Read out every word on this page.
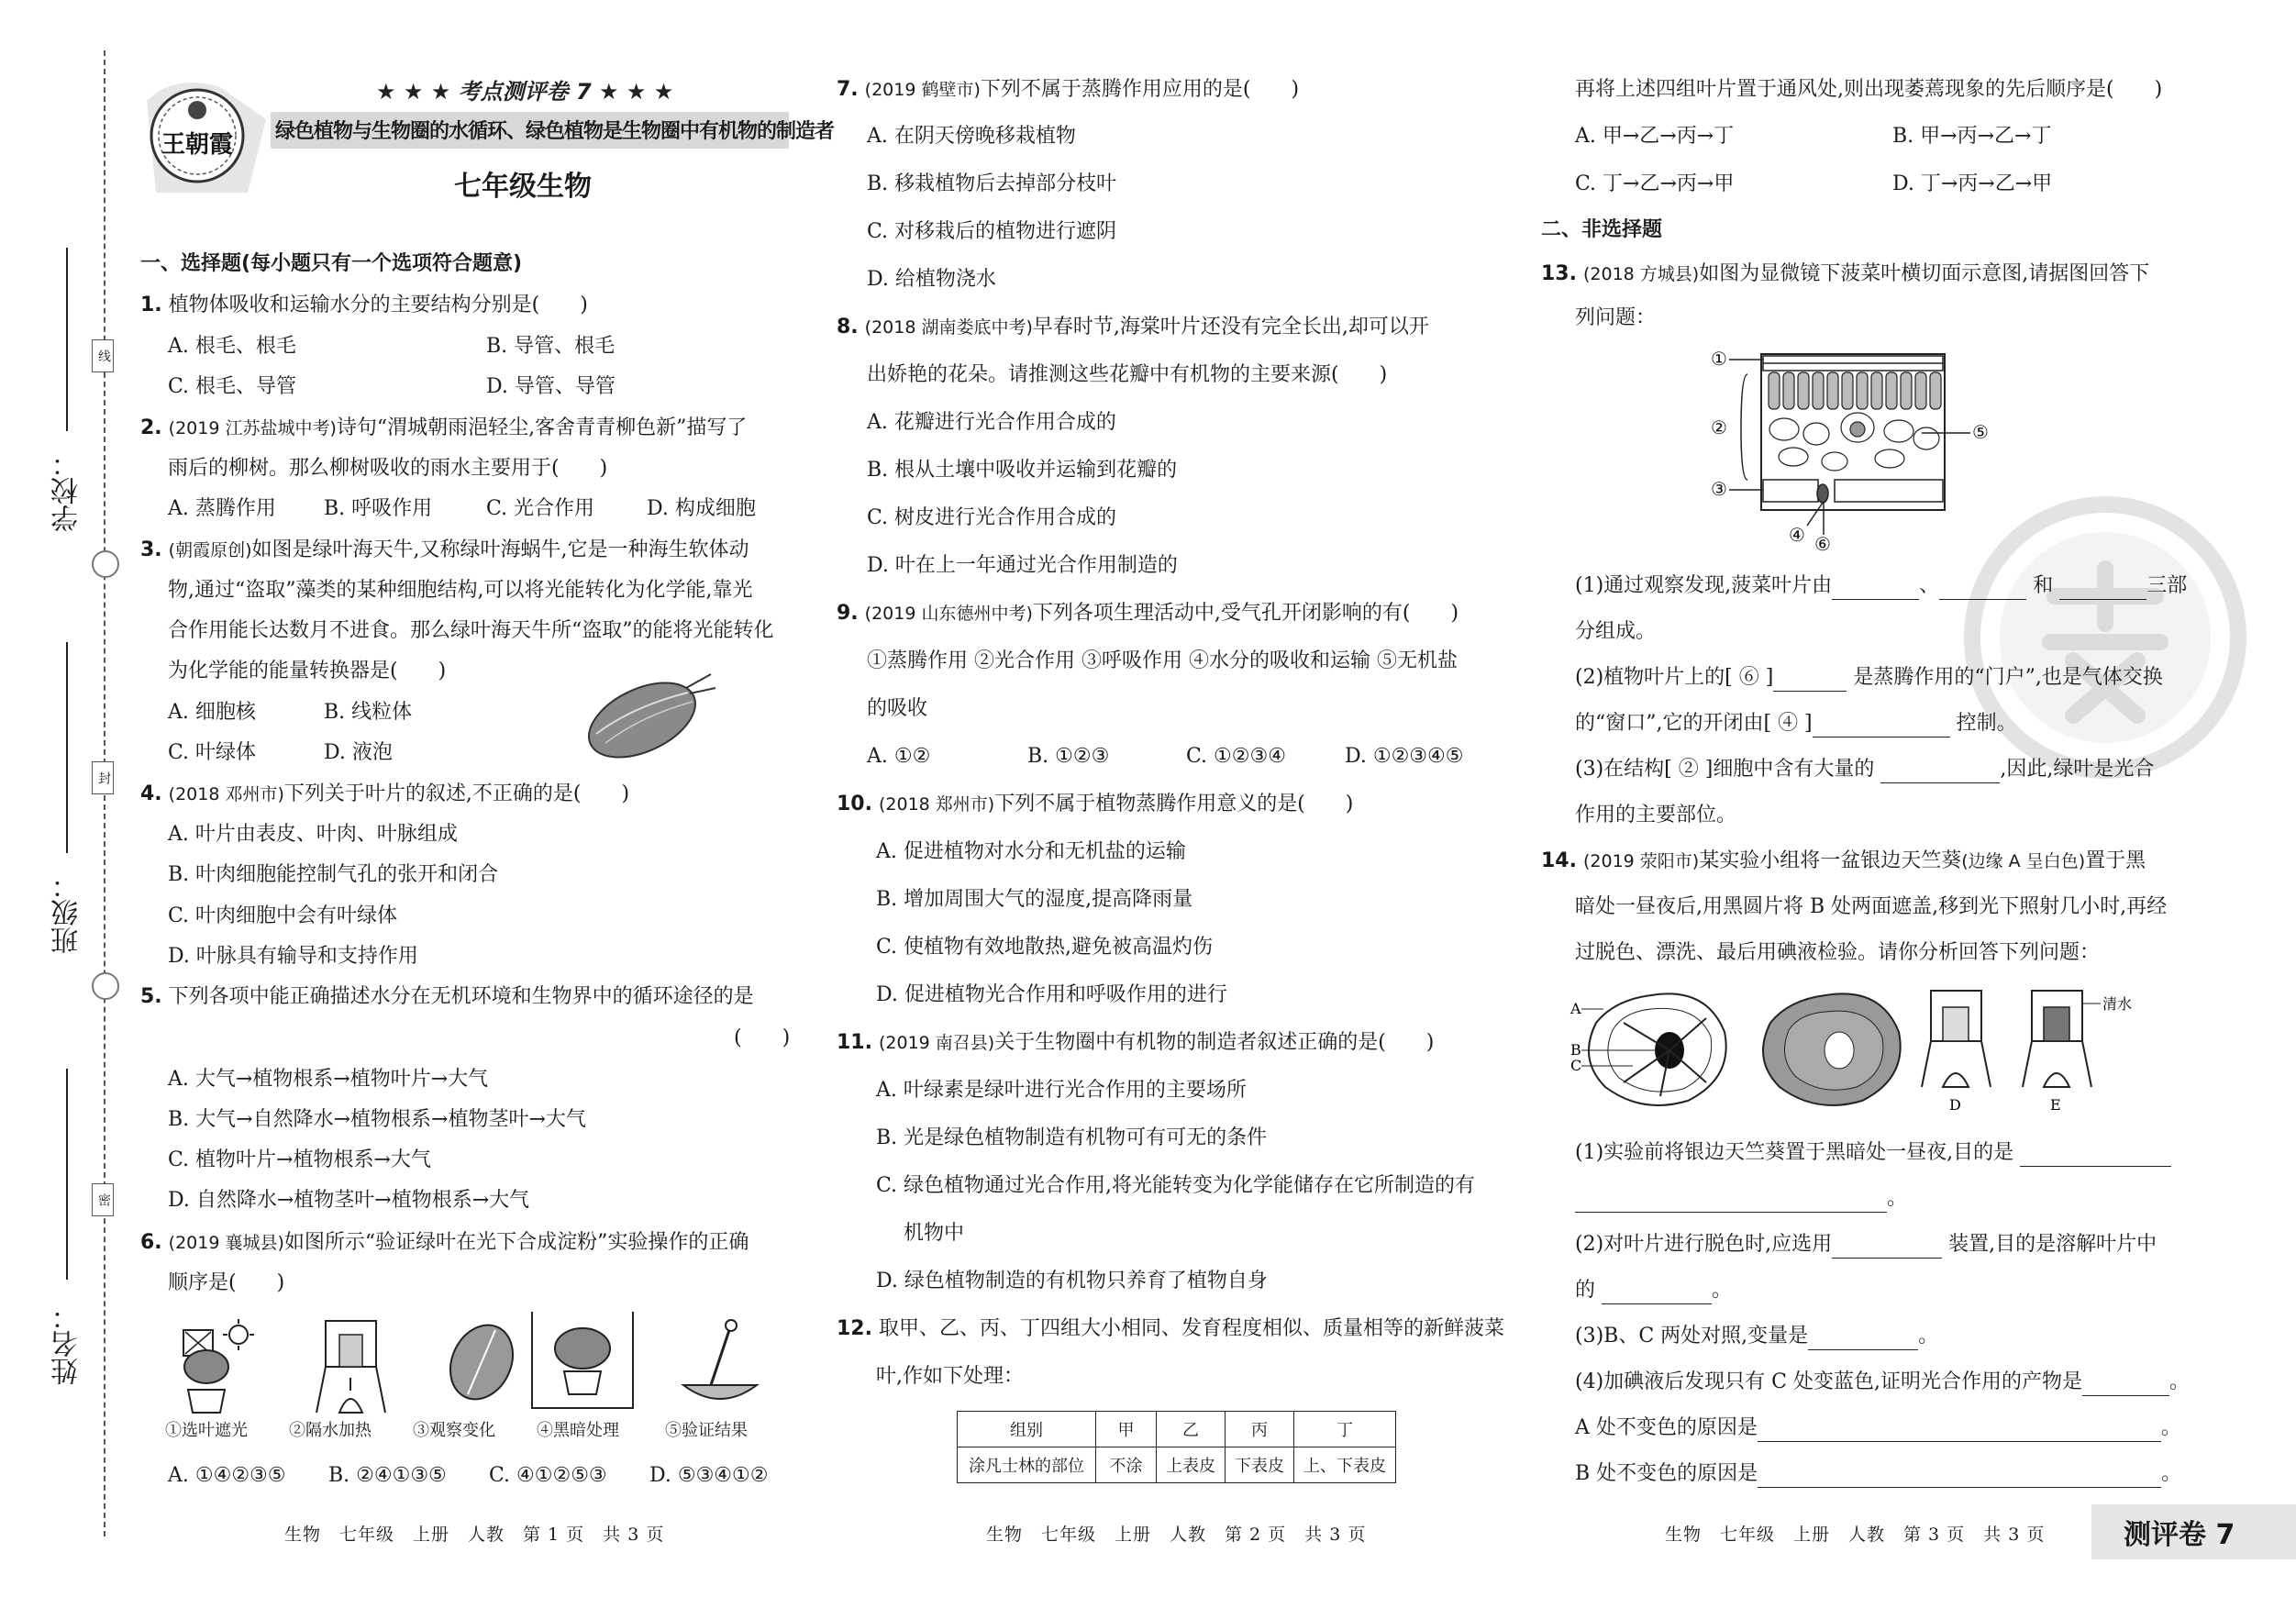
学校：
班级：
姓名：
线
封
密
王朝霞
★ ★ ★ 考点测评卷 7 ★ ★ ★
绿色植物与生物圈的水循环、绿色植物是生物圈中有机物的制造者
七年级生物
一、选择题(每小题只有一个选项符合题意)
1. 植物体吸收和运输水分的主要结构分别是(　　)
A. 根毛、根毛	B. 导管、根毛
C. 根毛、导管	D. 导管、导管
2. (2019 江苏盐城中考)诗句“渭城朝雨浥轻尘,客舍青青柳色新”描写了
雨后的柳树。那么柳树吸收的雨水主要用于(　　)
A. 蒸腾作用 B. 呼吸作用	C. 光合作用	D. 构成细胞
3. (朝霞原创)如图是绿叶海天牛,又称绿叶海蜗牛,它是一种海生软体动
物,通过“盗取”藻类的某种细胞结构,可以将光能转化为化学能,靠光
合作用能长达数月不进食。那么绿叶海天牛所“盗取”的能将光能转化
为化学能的能量转换器是(　　)
A. 细胞核	B. 线粒体
C. 叶绿体	D. 液泡
4. (2018 邓州市)下列关于叶片的叙述,不正确的是(　　)
A. 叶片由表皮、叶肉、叶脉组成
B. 叶肉细胞能控制气孔的张开和闭合
C. 叶肉细胞中会有叶绿体
D. 叶脉具有输导和支持作用
5. 下列各项中能正确描述水分在无机环境和生物界中的循环途径的是
(　　)
A. 大气→植物根系→植物叶片→大气
B. 大气→自然降水→植物根系→植物茎叶→大气
C. 植物叶片→植物根系→大气
D. 自然降水→植物茎叶→植物根系→大气
6. (2019 襄城县)如图所示“验证绿叶在光下合成淀粉”实验操作的正确
顺序是(　　)
①选叶遮光	②隔水加热	③观察变化	④黑暗处理	⑤验证结果
A. ①④②③⑤ B. ②④①③⑤ C. ④①②⑤③ D. ⑤③④①②
生物　七年级　上册　人教　第 1 页　共 3 页
7. (2019 鹤壁市)下列不属于蒸腾作用应用的是(　　)
A. 在阴天傍晚移栽植物
B. 移栽植物后去掉部分枝叶
C. 对移栽后的植物进行遮阴
D. 给植物浇水
8. (2018 湖南娄底中考)早春时节,海棠叶片还没有完全长出,却可以开
出娇艳的花朵。请推测这些花瓣中有机物的主要来源(　　)
A. 花瓣进行光合作用合成的
B. 根从土壤中吸收并运输到花瓣的
C. 树皮进行光合作用合成的
D. 叶在上一年通过光合作用制造的
9. (2019 山东德州中考)下列各项生理活动中,受气孔开闭影响的有(　　)
①蒸腾作用 ②光合作用 ③呼吸作用 ④水分的吸收和运输 ⑤无机盐
的吸收
A. ①②	B. ①②③	C. ①②③④	D. ①②③④⑤
10. (2018 郑州市)下列不属于植物蒸腾作用意义的是(　　)
A. 促进植物对水分和无机盐的运输
B. 增加周围大气的湿度,提高降雨量
C. 使植物有效地散热,避免被高温灼伤
D. 促进植物光合作用和呼吸作用的进行
11. (2019 南召县)关于生物圈中有机物的制造者叙述正确的是(　　)
A. 叶绿素是绿叶进行光合作用的主要场所
B. 光是绿色植物制造有机物可有可无的条件
C. 绿色植物通过光合作用,将光能转变为化学能储存在它所制造的有
机物中
D. 绿色植物制造的有机物只养育了植物自身
12. 取甲、乙、丙、丁四组大小相同、发育程度相似、质量相等的新鲜菠菜
叶,作如下处理：
组别	甲	乙	丙	丁
涂凡士林的部位	不涂	上表皮	下表皮	上、下表皮
生物　七年级　上册　人教　第 2 页　共 3 页
再将上述四组叶片置于通风处,则出现萎蔫现象的先后顺序是(　　)
A. 甲→乙→丙→丁	B. 甲→丙→乙→丁
C. 丁→乙→丙→甲	D. 丁→丙→乙→甲
二、非选择题
13. (2018 方城县)如图为显微镜下菠菜叶横切面示意图,请据图回答下
列问题：
①
②
③
④
⑤
⑥
(1)通过观察发现,菠菜叶片由	、	和	三部
分组成。
(2)植物叶片上的[ ⑥ ]	是蒸腾作用的“门户”,也是气体交换
的“窗口”,它的开闭由[ ④ ]	控制。
(3)在结构[ ② ]细胞中含有大量的	,因此,绿叶是光合
作用的主要部位。
14. (2019 荥阳市)某实验小组将一盆银边天竺葵(边缘 A 呈白色)置于黑
暗处一昼夜后,用黑圆片将 B 处两面遮盖,移到光下照射几小时,再经
过脱色、漂洗、最后用碘液检验。请你分析回答下列问题：
A
B
C
D	E
清水
(1)实验前将银边天竺葵置于黑暗处一昼夜,目的是
。
(2)对叶片进行脱色时,应选用	装置,目的是溶解叶片中
的	。
(3)B、C 两处对照,变量是	。
(4)加碘液后发现只有 C 处变蓝色,证明光合作用的产物是	。
A 处不变色的原因是	。
B 处不变色的原因是	。
生物　七年级　上册　人教　第 3 页　共 3 页	测评卷 7
